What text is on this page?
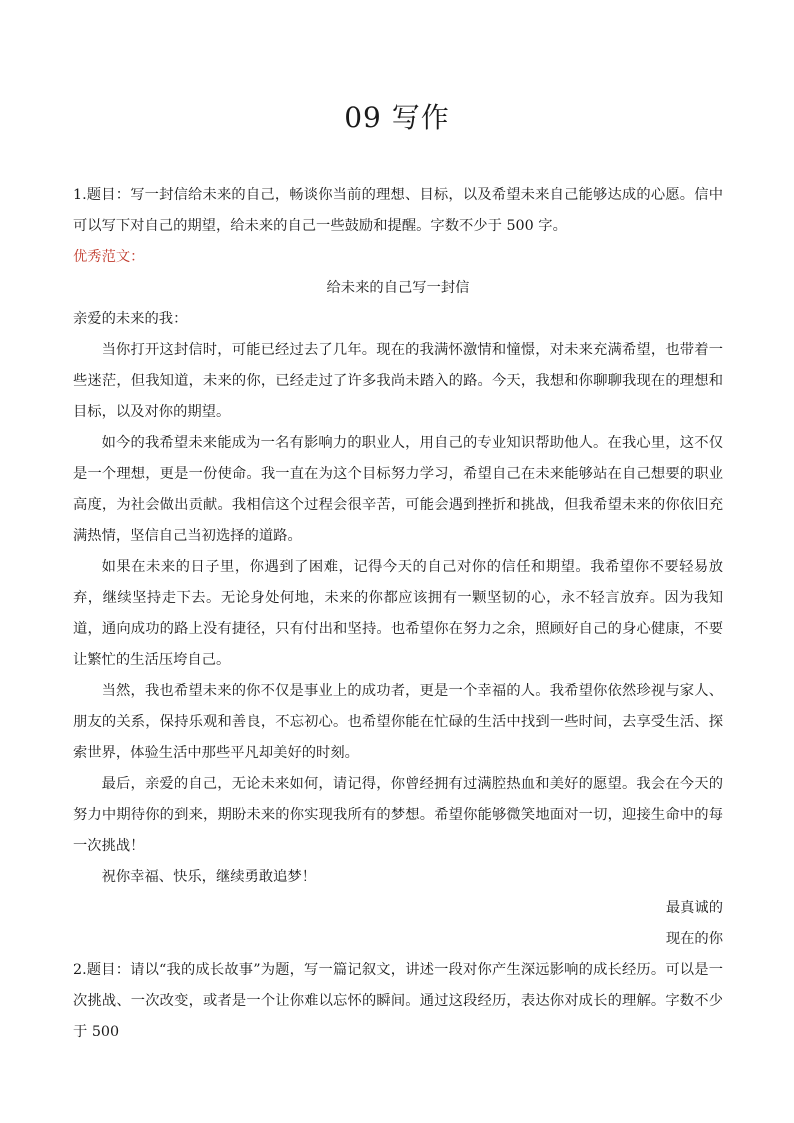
09 写作

1.题目：写一封信给未来的自己，畅谈你当前的理想、目标，以及希望未来自己能够达成的心愿。信中可以写下对自己的期望，给未来的自己一些鼓励和提醒。字数不少于 500 字。

优秀范文：

给未来的自己写一封信

亲爱的未来的我：

当你打开这封信时，可能已经过去了几年。现在的我满怀激情和憧憬，对未来充满希望，也带着一些迷茫，但我知道，未来的你，已经走过了许多我尚未踏入的路。今天，我想和你聊聊我现在的理想和目标，以及对你的期望。

如今的我希望未来能成为一名有影响力的职业人，用自己的专业知识帮助他人。在我心里，这不仅是一个理想，更是一份使命。我一直在为这个目标努力学习，希望自己在未来能够站在自己想要的职业高度，为社会做出贡献。我相信这个过程会很辛苦，可能会遇到挫折和挑战，但我希望未来的你依旧充满热情，坚信自己当初选择的道路。

如果在未来的日子里，你遇到了困难，记得今天的自己对你的信任和期望。我希望你不要轻易放弃，继续坚持走下去。无论身处何地，未来的你都应该拥有一颗坚韧的心，永不轻言放弃。因为我知道，通向成功的路上没有捷径，只有付出和坚持。也希望你在努力之余，照顾好自己的身心健康，不要让繁忙的生活压垮自己。

当然，我也希望未来的你不仅是事业上的成功者，更是一个幸福的人。我希望你依然珍视与家人、朋友的关系，保持乐观和善良，不忘初心。也希望你能在忙碌的生活中找到一些时间，去享受生活、探索世界，体验生活中那些平凡却美好的时刻。

最后，亲爱的自己，无论未来如何，请记得，你曾经拥有过满腔热血和美好的愿望。我会在今天的努力中期待你的到来，期盼未来的你实现我所有的梦想。希望你能够微笑地面对一切，迎接生命中的每一次挑战！

祝你幸福、快乐，继续勇敢追梦！

最真诚的

现在的你

2.题目：请以“我的成长故事”为题，写一篇记叙文，讲述一段对你产生深远影响的成长经历。可以是一次挑战、一次改变，或者是一个让你难以忘怀的瞬间。通过这段经历，表达你对成长的理解。字数不少于 500
